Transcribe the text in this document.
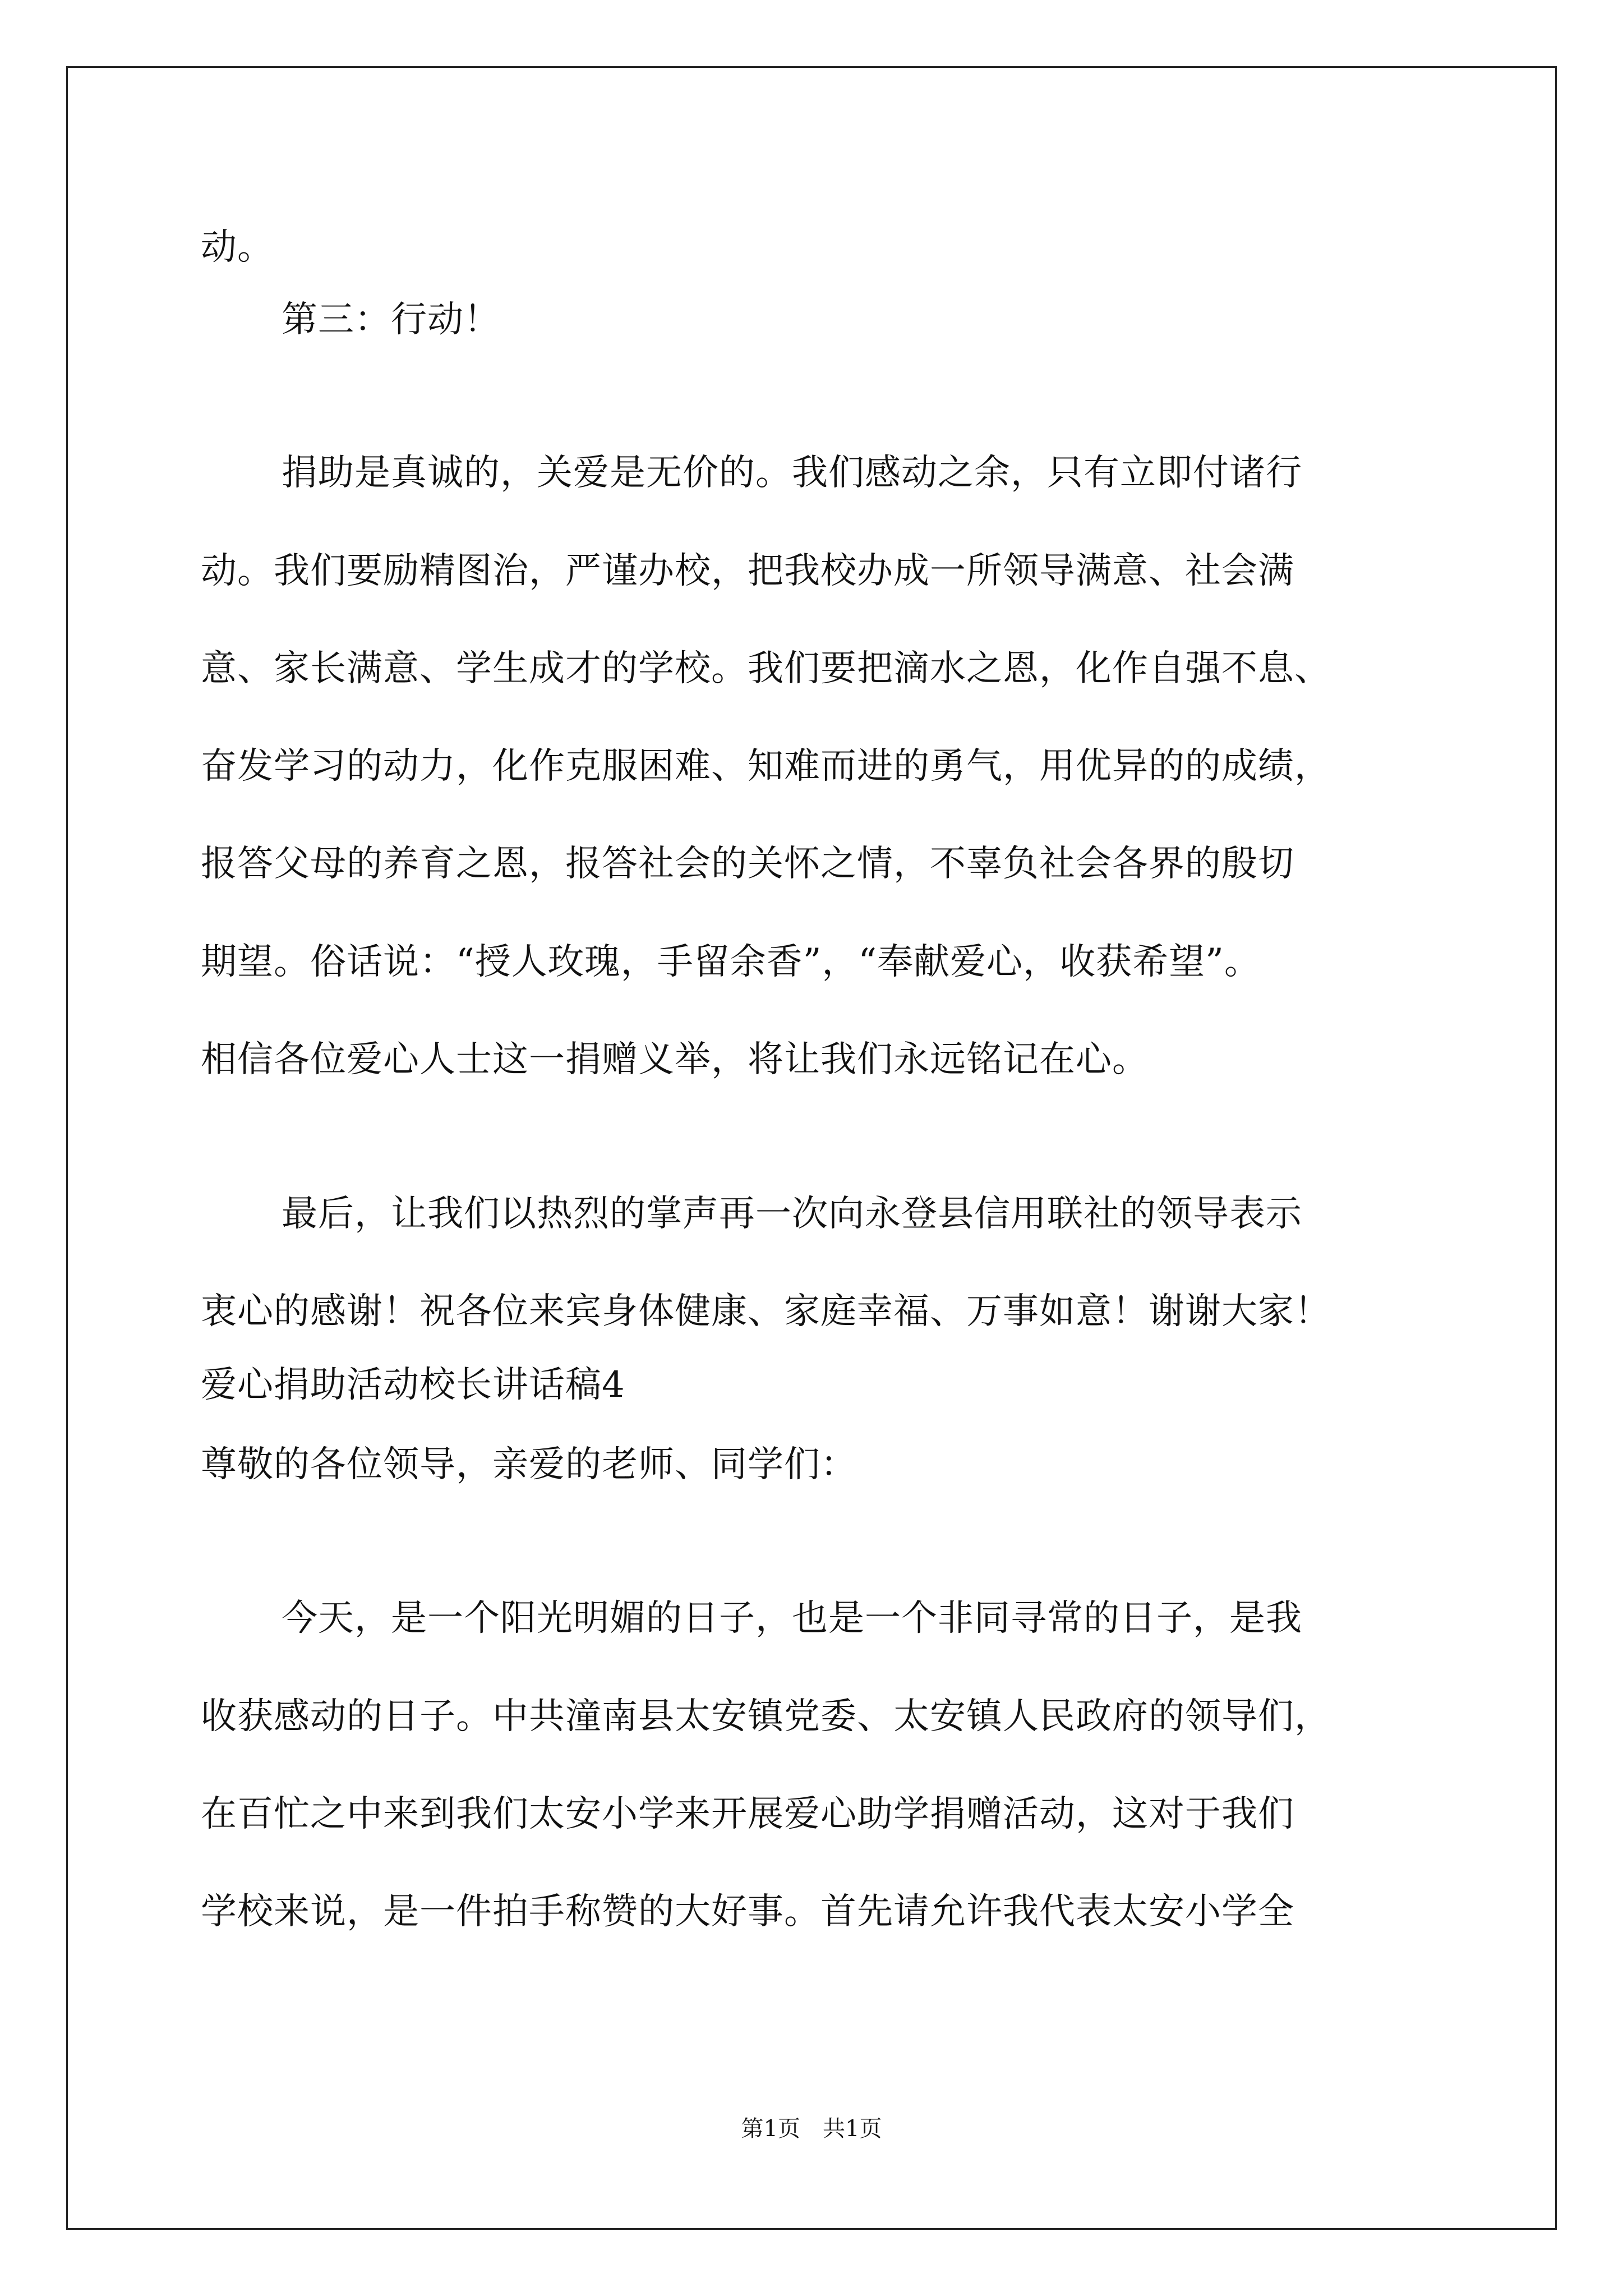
动。
第三：行动！
捐助是真诚的，关爱是无价的。我们感动之余，只有立即付诸行
动。我们要励精图治，严谨办校，把我校办成一所领导满意、社会满
意、家长满意、学生成才的学校。我们要把滴水之恩，化作自强不息、
奋发学习的动力，化作克服困难、知难而进的勇气，用优异的的成绩，
报答父母的养育之恩，报答社会的关怀之情，不辜负社会各界的殷切
期望。俗话说：“授人玫瑰，手留余香”，“奉献爱心，收获希望”。
相信各位爱心人士这一捐赠义举，将让我们永远铭记在心。
最后，让我们以热烈的掌声再一次向永登县信用联社的领导表示
衷心的感谢！祝各位来宾身体健康、家庭幸福、万事如意！谢谢大家！
爱心捐助活动校长讲话稿4
尊敬的各位领导，亲爱的老师、同学们：
今天，是一个阳光明媚的日子，也是一个非同寻常的日子，是我
收获感动的日子。中共潼南县太安镇党委、太安镇人民政府的领导们，
在百忙之中来到我们太安小学来开展爱心助学捐赠活动，这对于我们
学校来说，是一件拍手称赞的大好事。首先请允许我代表太安小学全
第1页　共1页
